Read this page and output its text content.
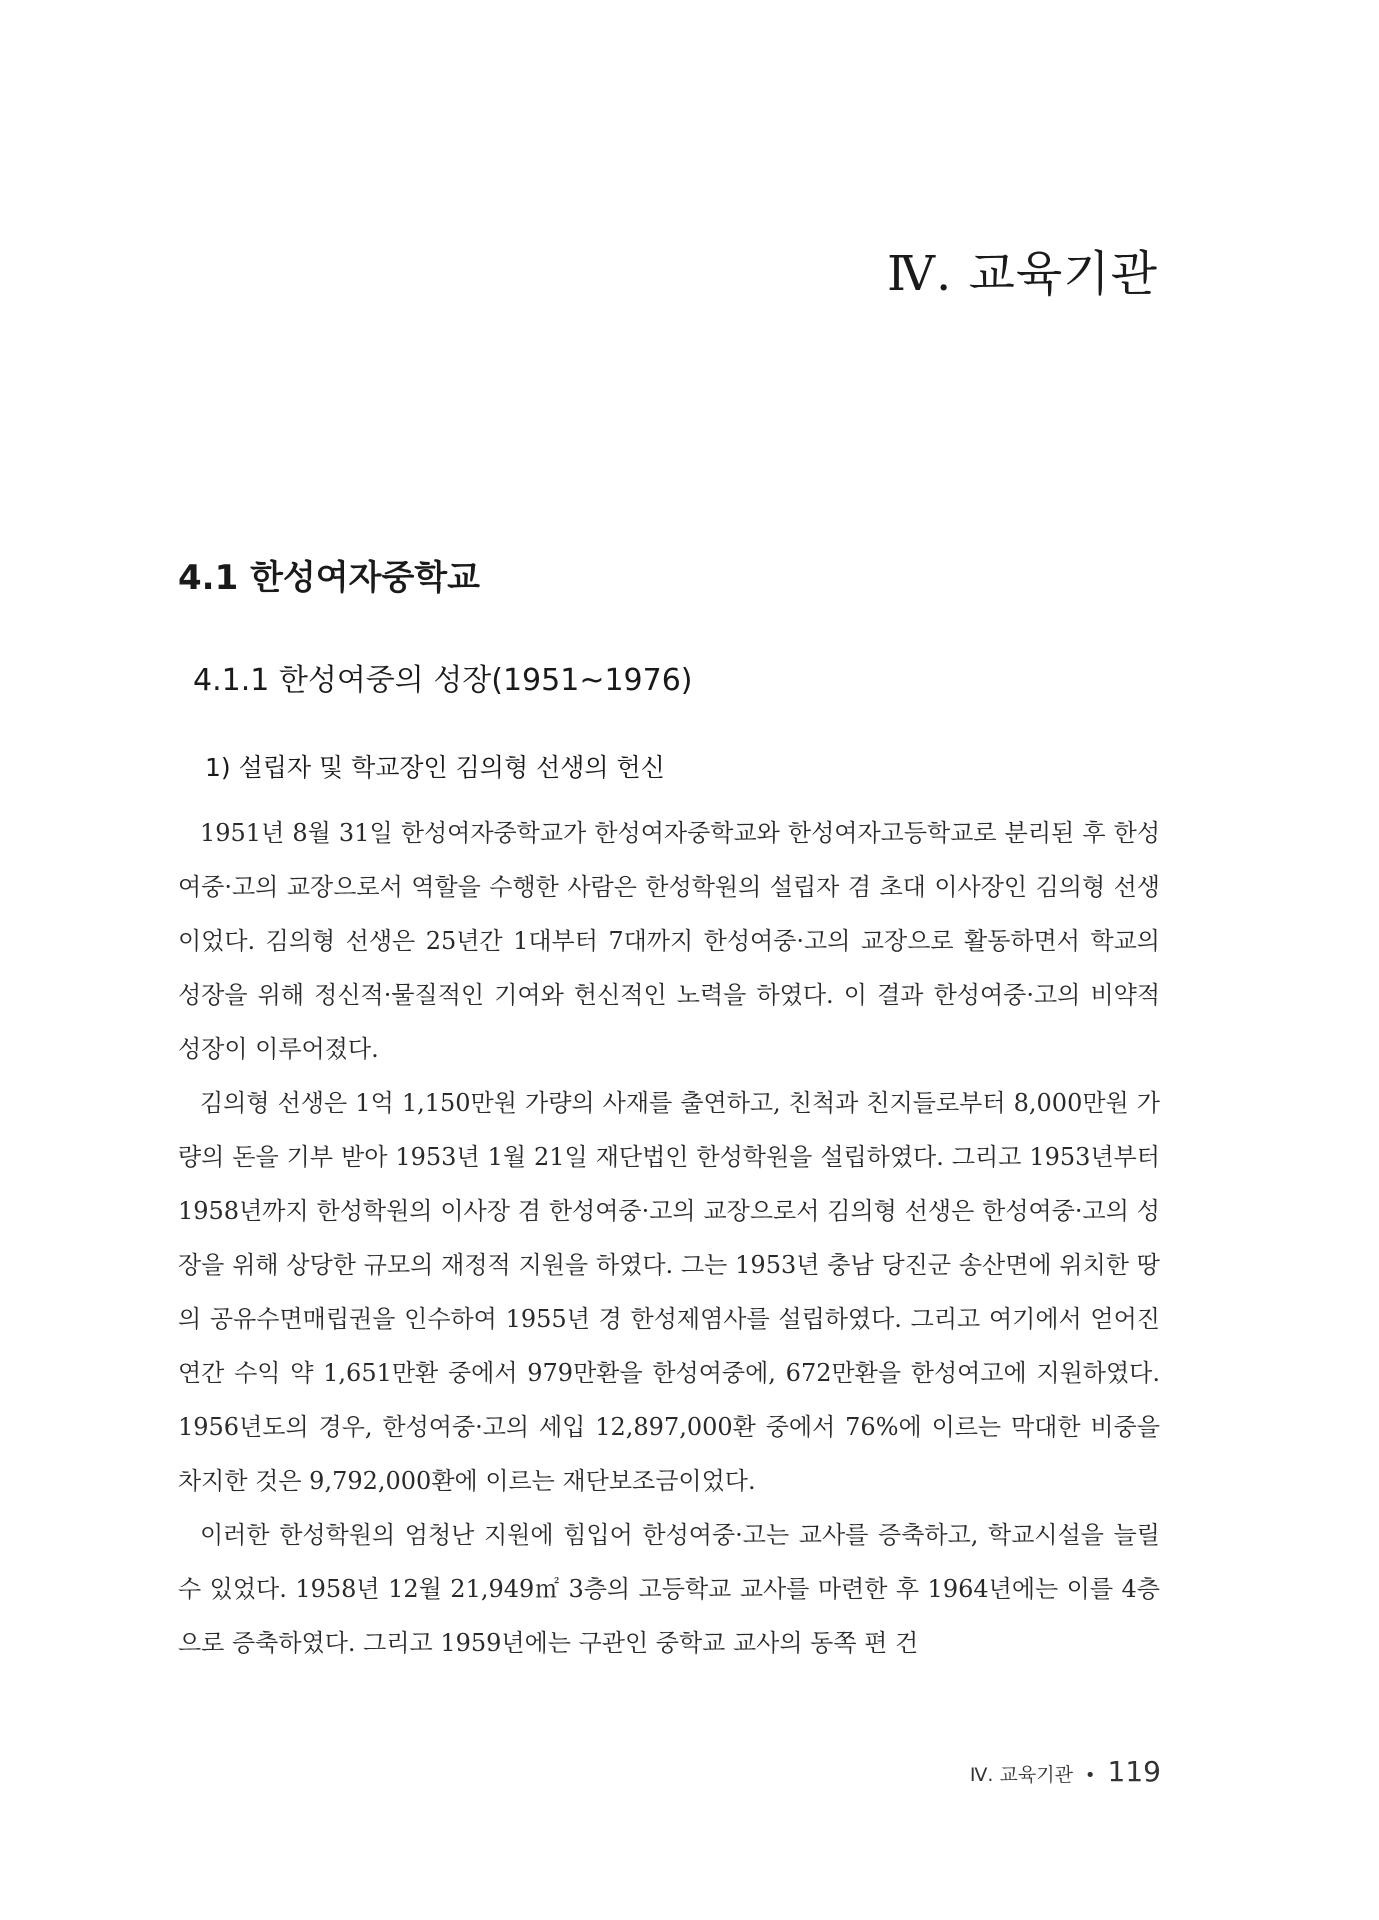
Ⅳ. 교육기관
4.1 한성여자중학교
4.1.1 한성여중의 성장(1951~1976)
1) 설립자 및 학교장인 김의형 선생의 헌신

1951년 8월 31일 한성여자중학교가 한성여자중학교와 한성여자고등학교로 분리된 후 한성여중·고의 교장으로서 역할을 수행한 사람은 한성학원의 설립자 겸 초대 이사장인 김의형 선생이었다. 김의형 선생은 25년간 1대부터 7대까지 한성여중·고의 교장으로 활동하면서 학교의 성장을 위해 정신적·물질적인 기여와 헌신적인 노력을 하였다. 이 결과 한성여중·고의 비약적 성장이 이루어졌다.

김의형 선생은 1억 1,150만원 가량의 사재를 출연하고, 친척과 친지들로부터 8,000만원 가량의 돈을 기부 받아 1953년 1월 21일 재단법인 한성학원을 설립하였다. 그리고 1953년부터 1958년까지 한성학원의 이사장 겸 한성여중·고의 교장으로서 김의형 선생은 한성여중·고의 성장을 위해 상당한 규모의 재정적 지원을 하였다. 그는 1953년 충남 당진군 송산면에 위치한 땅의 공유수면매립권을 인수하여 1955년 경 한성제염사를 설립하였다. 그리고 여기에서 얻어진 연간 수익 약 1,651만환 중에서 979만환을 한성여중에, 672만환을 한성여고에 지원하였다. 1956년도의 경우, 한성여중·고의 세입 12,897,000환 중에서 76%에 이르는 막대한 비중을 차지한 것은 9,792,000환에 이르는 재단보조금이었다.

이러한 한성학원의 엄청난 지원에 힘입어 한성여중·고는 교사를 증축하고, 학교시설을 늘릴 수 있었다. 1958년 12월 21,949㎡ 3층의 고등학교 교사를 마련한 후 1964년에는 이를 4층으로 증축하였다. 그리고 1959년에는 구관인 중학교 교사의 동쪽 편 건

Ⅳ. 교육기관 • 119
